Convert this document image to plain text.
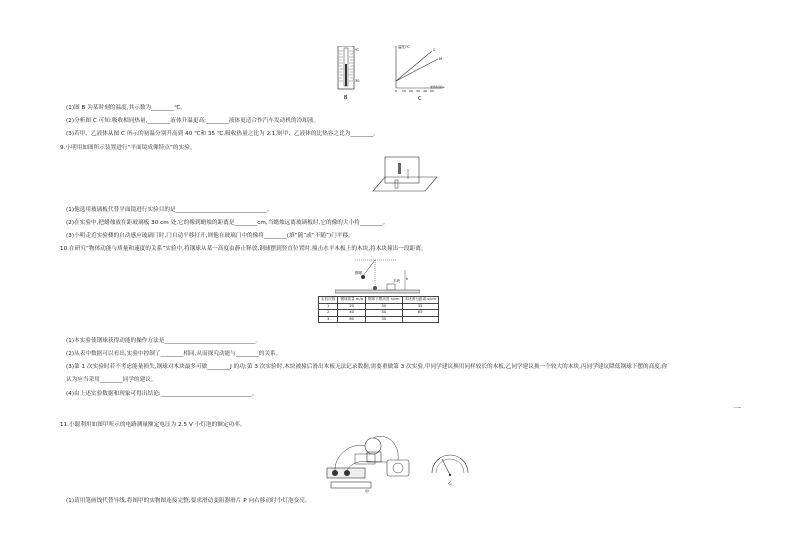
℃
30
B
温度/℃
C
M
0 10 20 30 40 50
加热时间/s
C
(1)图 B 为某时刻的温度,其示数为________℃。
(2)分析图 C 可知:吸收相同热量,________液体升温更高;________液体更适合作汽车发动机的冷却液。
(3)若甲、乙液体从图 C 所示的初温分别升高到 40 ℃和 35 ℃,吸收热量之比为 2∶1,则甲、乙液体的比热容之比为________。
9.小明用如图所示装置进行“平面镜成像特点”的实验。
(1)他选用玻璃板代替平面镜进行实验目的是________________________________。
(2)在实验中,把蜡烛放在距玻璃板 30 cm 处,它的像到蜡烛的距离是________cm,当蜡烛远离玻璃板时,它的像的大小将________。
(3)小明走近实验楼的自动感应玻璃门时,门自动平移打开,则他在玻璃门中的像将________(填“随”或“不随”)门平移。
10.在研究“物体动能与质量和速度的关系”实验中,将钢球从某一高度由静止释放,钢球摆到竖直位置时,撞击水平木板上的木块,将木块撞出一段距离。
钢球
木块 h
实验次数	钢球质量 m/g	钢球下摆高度 h/cm	木块滑行距离 s/cm
1	20	30	35
2	40	30	65
3	60	30	
(1)本实验使钢球获得动能的操作方法是________________________________。
(2)从表中数据可以看出,实验中控制了________相同,从而探究动能与________的关系。
(3)第 1 次实验时若不考虑能量损失,钢球对木块最多可做________J 的功;第 3 次实验时,木块被撞后滑出木板无法记录数据,需要重做第 3 次实验,甲同学建议换用同样较长的木板,乙同学建议换一个较大的木块,丙同学建议降低钢球下摆的高度,你
认为应当采用________同学的建议。
(4)由上述实验数据和现象可得出结论:________________________________。
一
11.小聪利用如图甲所示的电路测量额定电压为 2.5 V 小灯泡的额定功率。
甲
乙
(1)请用笔画线代替导线,将图甲的实物图连接完整,要求滑动变阻器滑片 P 向右移动时小灯泡变亮。
